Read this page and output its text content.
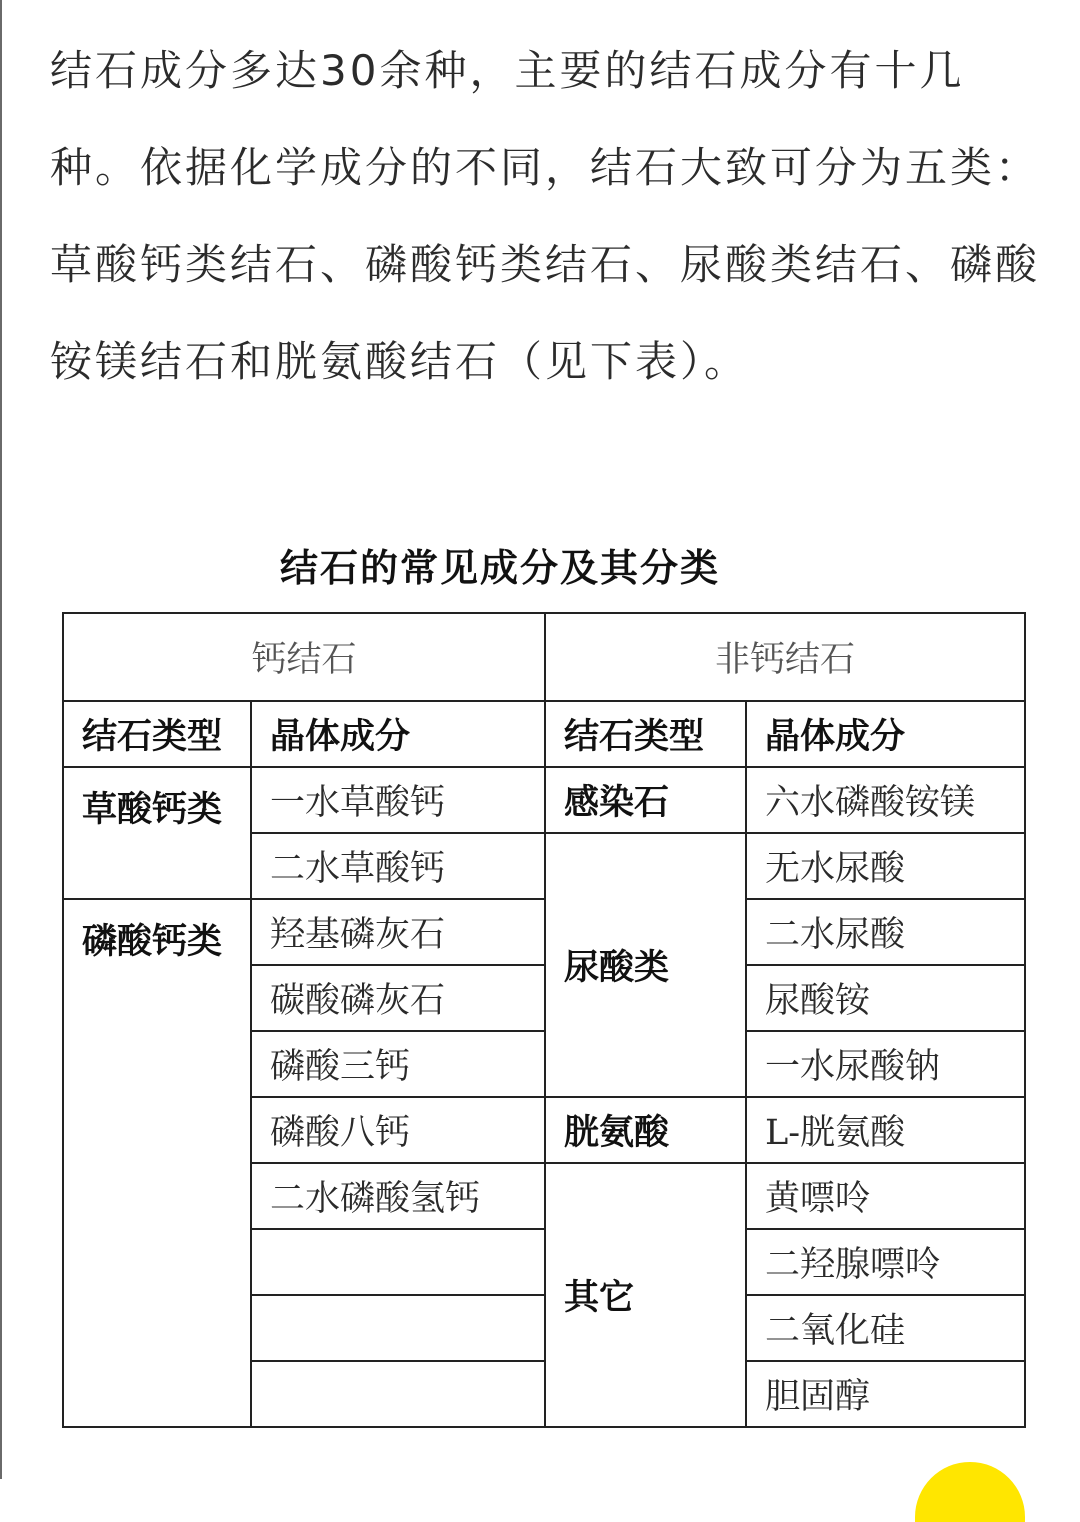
结石成分多达30余种，主要的结石成分有十几种。依据化学成分的不同，结石大致可分为五类：草酸钙类结石、磷酸钙类结石、尿酸类结石、磷酸铵镁结石和胱氨酸结石（见下表）。
结石的常见成分及其分类
钙结石		非钙结石	
结石类型	晶体成分	结石类型	晶体成分
草酸钙类	一水草酸钙	感染石	六水磷酸铵镁
	二水草酸钙	尿酸类	无水尿酸
磷酸钙类	羟基磷灰石		二水尿酸
	碳酸磷灰石		尿酸铵
	磷酸三钙		一水尿酸钠
	磷酸八钙	胱氨酸	L-胱氨酸
	二水磷酸氢钙	其它	黄嘌呤
			二羟腺嘌呤
			二氧化硅
			胆固醇
